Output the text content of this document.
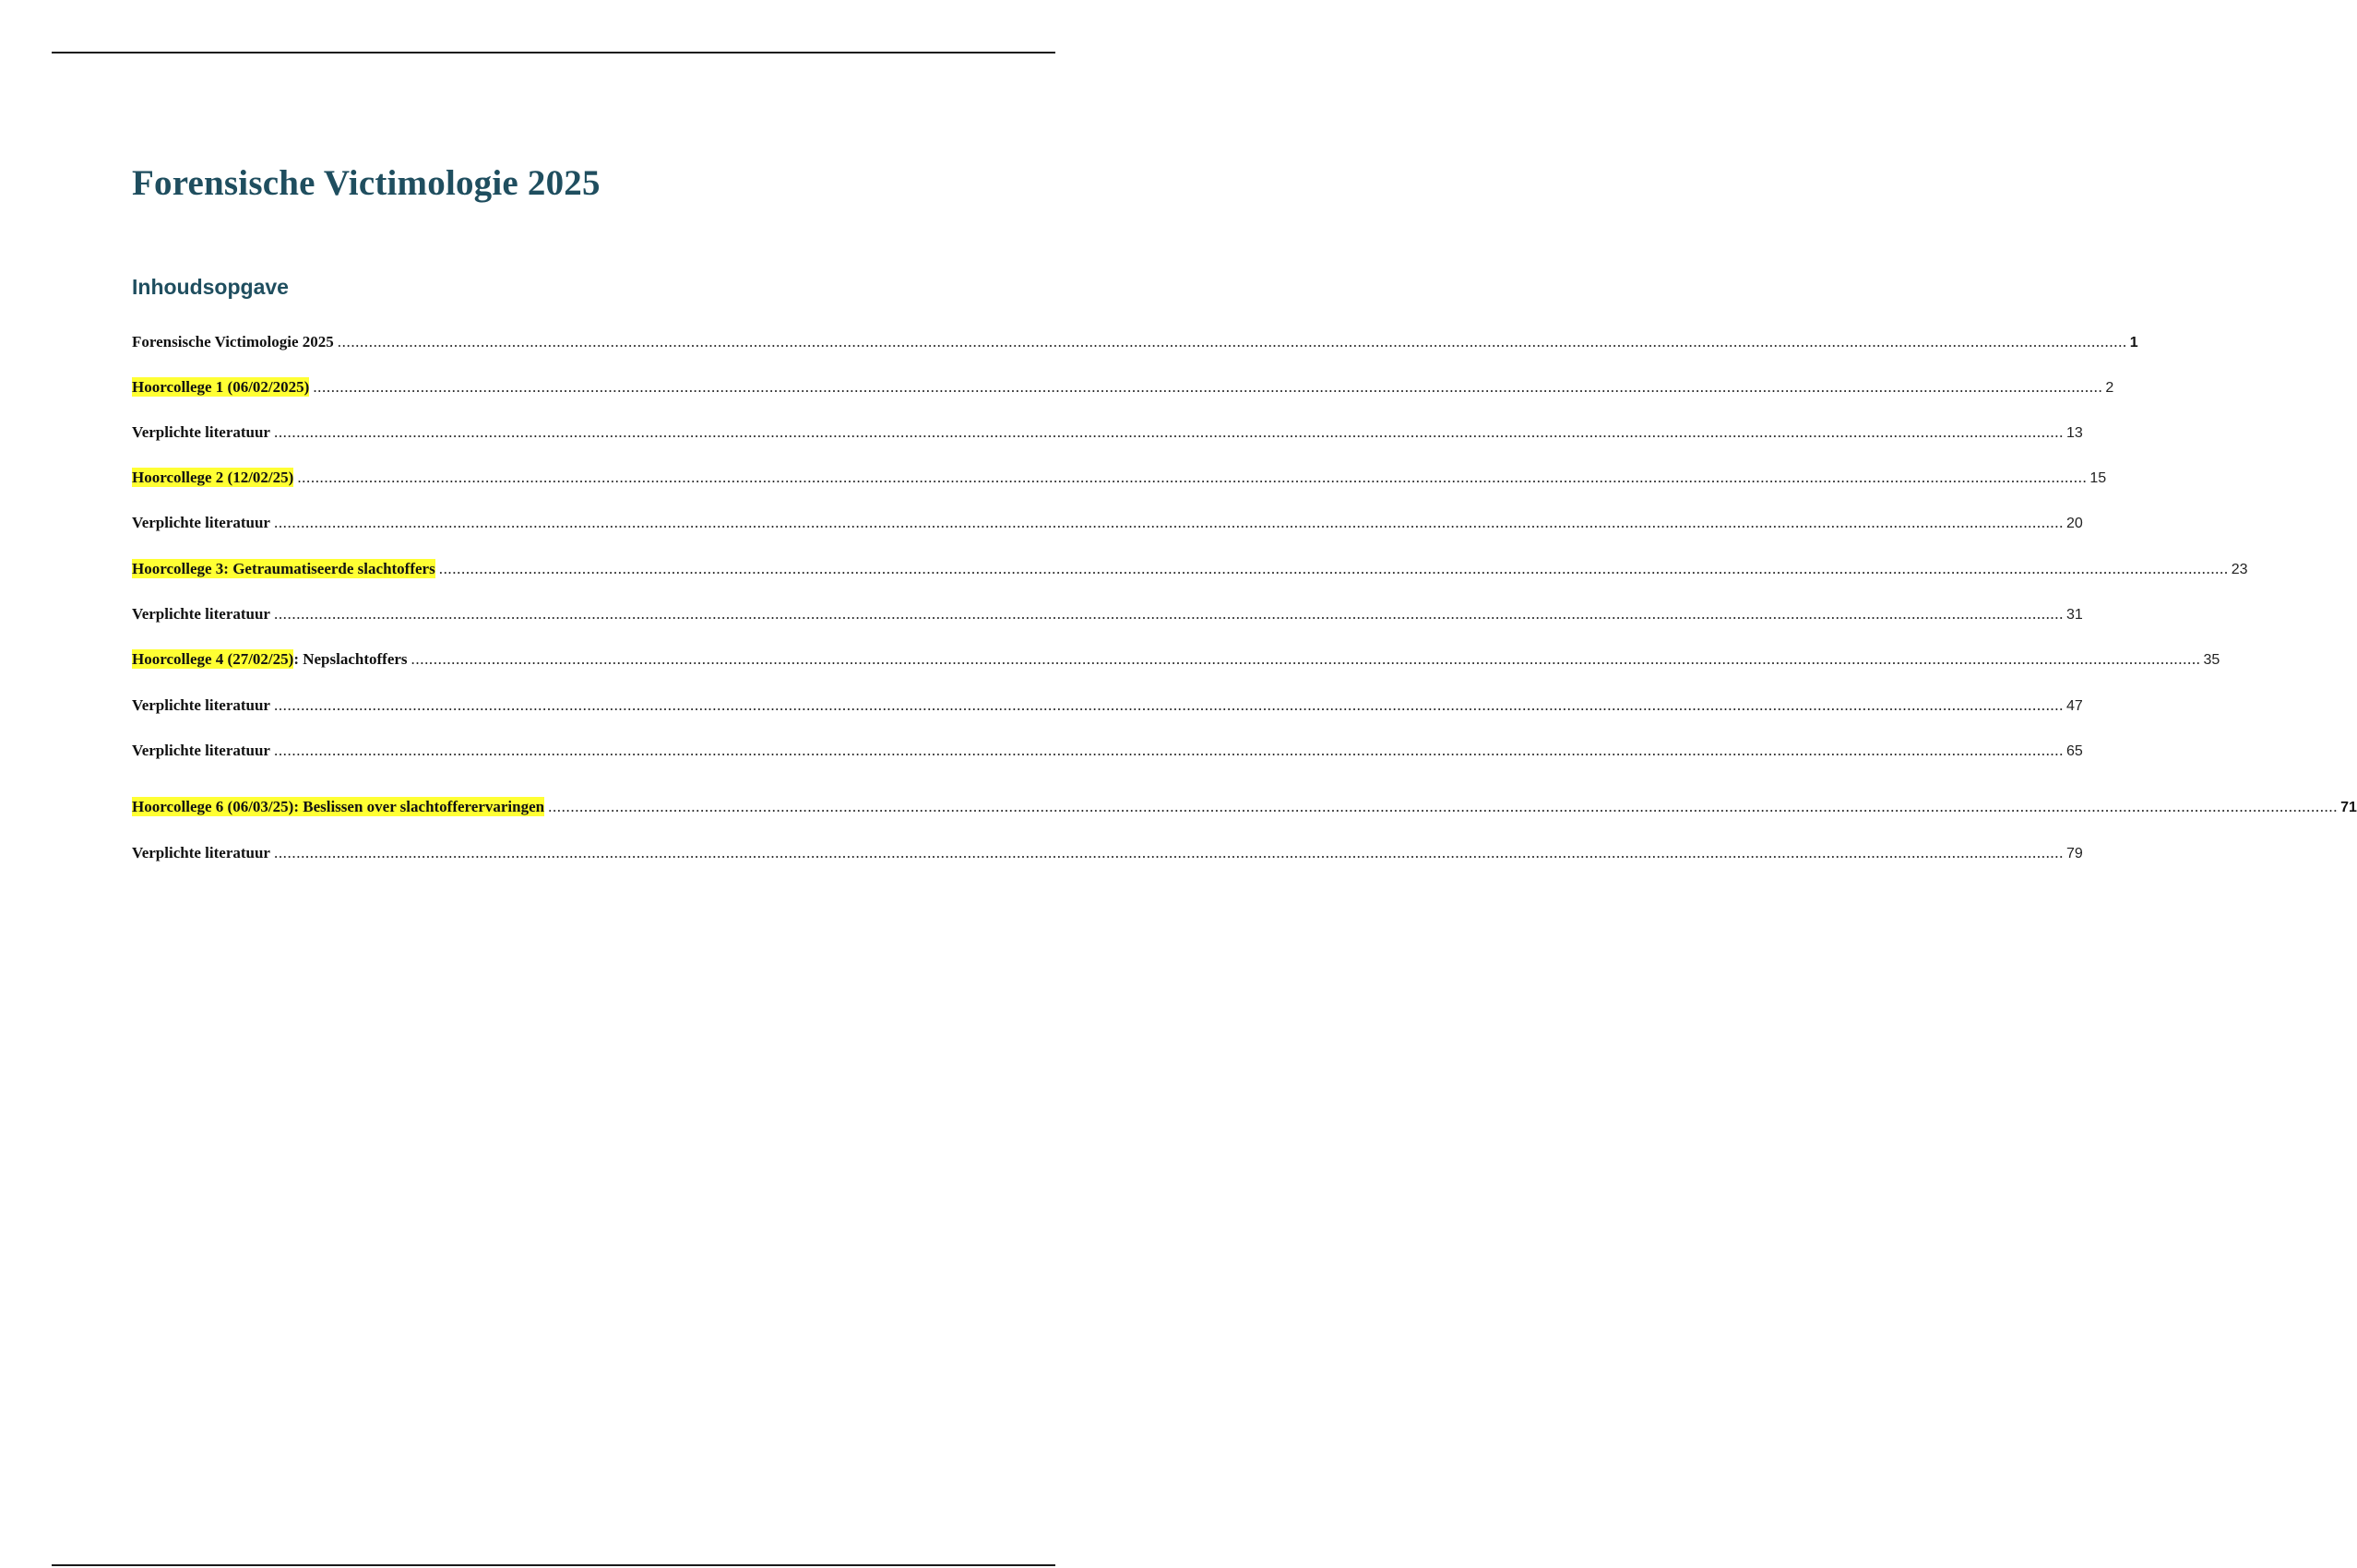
Forensische Victimologie 2025
Inhoudsopgave
Forensische Victimologie 2025 ................................................................................................................................................................................................................................................................................................................................................................................................................ 1
Hoorcollege 1 (06/02/2025) ................................................................................................................................................................................................................................................................................................................................................................................................................ 2
Verplichte literatuur ................................................................................................................................................................................................................................................................................................................................................................................................................ 13
Hoorcollege 2 (12/02/25) ................................................................................................................................................................................................................................................................................................................................................................................................................ 15
Verplichte literatuur ................................................................................................................................................................................................................................................................................................................................................................................................................ 20
Hoorcollege 3: Getraumatiseerde slachtoffers ................................................................................................................................................................................................................................................................................................................................................................................................................ 23
Verplichte literatuur ................................................................................................................................................................................................................................................................................................................................................................................................................ 31
Hoorcollege 4 (27/02/25): Nepslachtoffers ................................................................................................................................................................................................................................................................................................................................................................................................................ 35
Verplichte literatuur ................................................................................................................................................................................................................................................................................................................................................................................................................ 47
Verplichte literatuur ................................................................................................................................................................................................................................................................................................................................................................................................................ 65
Hoorcollege 6 (06/03/25): Beslissen over slachtofferervaringen ................................................................................................................................................................................................................................................................................................................................................................................................................ 71
Verplichte literatuur ................................................................................................................................................................................................................................................................................................................................................................................................................ 79
